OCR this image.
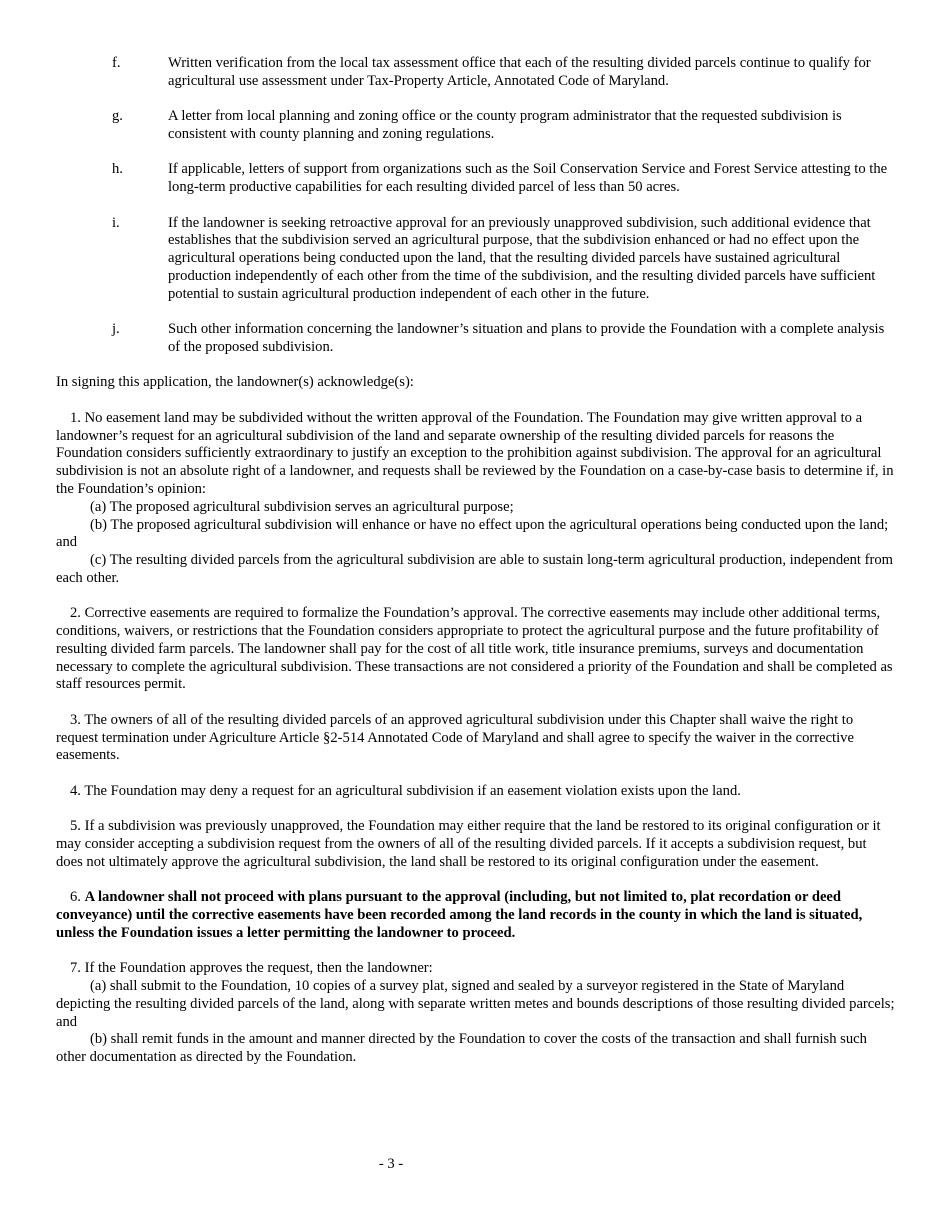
f.	Written verification from the local tax assessment office that each of the resulting divided parcels continue to qualify for agricultural use assessment under Tax-Property Article, Annotated Code of Maryland.
g.	A letter from local planning and zoning office or the county program administrator that the requested subdivision is consistent with county planning and zoning regulations.
h.	If applicable, letters of support from organizations such as the Soil Conservation Service and Forest Service attesting to the long-term productive capabilities for each resulting divided parcel of less than 50 acres.
i.	If the landowner is seeking retroactive approval for an previously unapproved subdivision, such additional evidence that establishes that the subdivision served an agricultural purpose, that the subdivision enhanced or had no effect upon the agricultural operations being conducted upon the land, that the resulting divided parcels have sustained agricultural production independently of each other from the time of the subdivision, and the resulting divided parcels have sufficient potential to sustain agricultural production independent of each other in the future.
j.	Such other information concerning the landowner’s situation and plans to provide the Foundation with a complete analysis of the proposed subdivision.

In signing this application, the landowner(s) acknowledge(s):

1. No easement land may be subdivided without the written approval of the Foundation. The Foundation may give written approval to a landowner’s request for an agricultural subdivision of the land and separate ownership of the resulting divided parcels for reasons the Foundation considers sufficiently extraordinary to justify an exception to the prohibition against subdivision. The approval for an agricultural subdivision is not an absolute right of a landowner, and requests shall be reviewed by the Foundation on a case-by-case basis to determine if, in the Foundation’s opinion:

(a) The proposed agricultural subdivision serves an agricultural purpose;

(b) The proposed agricultural subdivision will enhance or have no effect upon the agricultural operations being conducted upon the land; and

(c) The resulting divided parcels from the agricultural subdivision are able to sustain long-term agricultural production, independent from each other.

2. Corrective easements are required to formalize the Foundation’s approval. The corrective easements may include other additional terms, conditions, waivers, or restrictions that the Foundation considers appropriate to protect the agricultural purpose and the future profitability of resulting divided farm parcels. The landowner shall pay for the cost of all title work, title insurance premiums, surveys and documentation necessary to complete the agricultural subdivision. These transactions are not considered a priority of the Foundation and shall be completed as staff resources permit.

3. The owners of all of the resulting divided parcels of an approved agricultural subdivision under this Chapter shall waive the right to request termination under Agriculture Article §2-514 Annotated Code of Maryland and shall agree to specify the waiver in the corrective easements.

4. The Foundation may deny a request for an agricultural subdivision if an easement violation exists upon the land.

5. If a subdivision was previously unapproved, the Foundation may either require that the land be restored to its original configuration or it may consider accepting a subdivision request from the owners of all of the resulting divided parcels. If it accepts a subdivision request, but does not ultimately approve the agricultural subdivision, the land shall be restored to its original configuration under the easement.

6. A landowner shall not proceed with plans pursuant to the approval (including, but not limited to, plat recordation or deed conveyance) until the corrective easements have been recorded among the land records in the county in which the land is situated, unless the Foundation issues a letter permitting the landowner to proceed.

7. If the Foundation approves the request, then the landowner:

(a) shall submit to the Foundation, 10 copies of a survey plat, signed and sealed by a surveyor registered in the State of Maryland depicting the resulting divided parcels of the land, along with separate written metes and bounds descriptions of those resulting divided parcels; and

(b) shall remit funds in the amount and manner directed by the Foundation to cover the costs of the transaction and shall furnish such other documentation as directed by the Foundation.

- 3 -
